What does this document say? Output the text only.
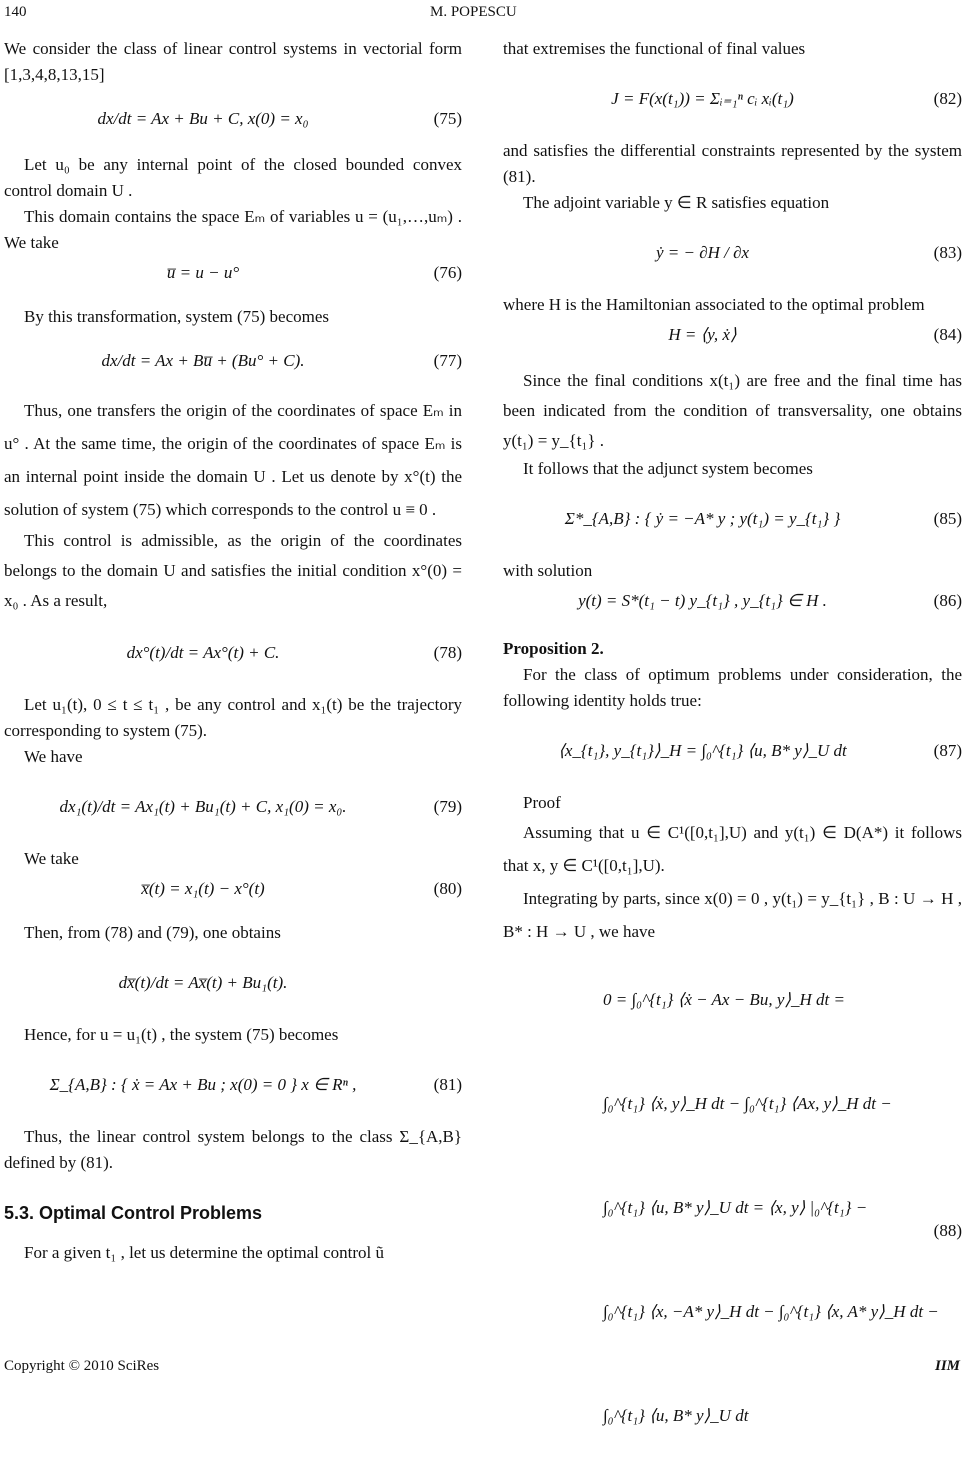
140	M. POPESCU

We consider the class of linear control systems in vectorial form [1,3,4,8,13,15]

dx/dt = Ax + Bu + C, x(0) = x₀	(75)

Let u₀ be any internal point of the closed bounded convex control domain U .

This domain contains the space Eₘ of variables u = (u₁,…,uₘ) . We take

u̅ = u − u°	(76)

By this transformation, system (75) becomes

dx/dt = Ax + Bu̅ + (Bu° + C).	(77)

Thus, one transfers the origin of the coordinates of space Eₘ in u° . At the same time, the origin of the coordinates of space Eₘ is an internal point inside the domain U . Let us denote by x°(t) the solution of system (75) which corresponds to the control u ≡ 0 .

This control is admissible, as the origin of the coordinates belongs to the domain U and satisfies the initial condition x°(0) = x₀ . As a result,

dx°(t)/dt = Ax°(t) + C.	(78)

Let u₁(t), 0 ≤ t ≤ t₁ , be any control and x₁(t) be the trajectory corresponding to system (75).

We have

dx₁(t)/dt = Ax₁(t) + Bu₁(t) + C, x₁(0) = x₀.	(79)

We take

x̅(t) = x₁(t) − x°(t)	(80)

Then, from (78) and (79), one obtains

dx̅(t)/dt = Ax̅(t) + Bu₁(t).

Hence, for u = u₁(t) , the system (75) becomes

Σ_{A,B} : { ẋ = Ax + Bu ; x(0) = 0 } x ∈ Rⁿ ,	(81)

Thus, the linear control system belongs to the class Σ_{A,B} defined by (81).

5.3. Optimal Control Problems

For a given t₁ , let us determine the optimal control ũ

that extremises the functional of final values

J = F(x(t₁)) = Σᵢ₌₁ⁿ cᵢ xᵢ(t₁)	(82)

and satisfies the differential constraints represented by the system (81).

The adjoint variable y ∈ R satisfies equation

ẏ = − ∂H / ∂x	(83)

where H is the Hamiltonian associated to the optimal problem

H = ⟨y, ẋ⟩	(84)

Since the final conditions x(t₁) are free and the final time has been indicated from the condition of transversality, one obtains y(t₁) = y_{t₁} .

It follows that the adjunct system becomes

Σ*_{A,B} : { ẏ = −A* y ; y(t₁) = y_{t₁} }	(85)

with solution

y(t) = S*(t₁ − t) y_{t₁} , y_{t₁} ∈ H .	(86)

Proposition 2.

For the class of optimum problems under consideration, the following identity holds true:

⟨x_{t₁}, y_{t₁}⟩_H = ∫₀^{t₁} ⟨u, B* y⟩_U dt	(87)

Proof

Assuming that u ∈ C¹([0,t₁],U) and y(t₁) ∈ D(A*) it follows that x, y ∈ C¹([0,t₁],U).

Integrating by parts, since x(0) = 0 , y(t₁) = y_{t₁} , B : U → H , B* : H → U , we have

0 = ∫₀^{t₁} ⟨ẋ − Ax − Bu, y⟩_H dt =
∫₀^{t₁} ⟨ẋ, y⟩_H dt − ∫₀^{t₁} ⟨Ax, y⟩_H dt −
∫₀^{t₁} ⟨u, B* y⟩_U dt = ⟨x, y⟩ |₀^{t₁} −
∫₀^{t₁} ⟨x, −A* y⟩_H dt − ∫₀^{t₁} ⟨x, A* y⟩_H dt −
∫₀^{t₁} ⟨u, B* y⟩_U dt
(88)
Copyright © 2010 SciRes	IIM
